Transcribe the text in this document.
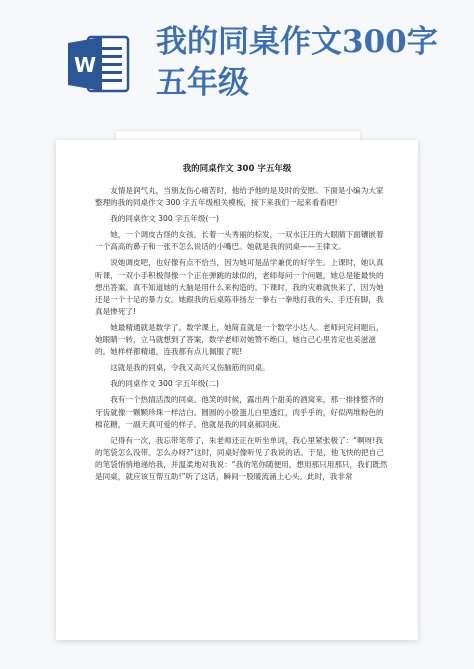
W
我的同桌作文300字五年级
我的同桌作文 300 字五年级

友情是润气丸，当朋友伤心痛苦时，他给予他的是及时的安慰。下面是小编为大家整理的我的同桌作文 300 字五年级相关模板，接下来我们一起来看看吧!

我的同桌作文 300 字五年级(一)

她，一个调皮古怪的女孩，长着一头秀丽的棕发，一双水汪汪的大眼睛下面镶嵌着一个高高的鼻子和一张不怎么说话的小嘴巴。她就是我的同桌——王律文。

说她调皮吧，也好像有点不恰当，因为她可是品学兼优的好学生。上课时，她认真听课，一双小手积极得像一个正在弹跳的球似的，老师每问一个问题，她总是能最快的想出答案。真不知道她的大脑是用什么来构造的。下课时，我的灾难就快来了，因为她还是一个十足的暴力女。她跟我的后桌陈菲扬左一拳右一拳地打我的头、手还有脚，我真是惨死了!

她最精通就是数学了。数学课上，她简直就是一个数学小达人。老师问完问题后，她眼睛一转，立马就想到了答案，数学老师对她赞不绝口，她自己心里肯定也美滋滋的。她样样都精通，连我都有点儿佩服了呢!

这就是我的同桌，令我又高兴又伤脑筋的同桌。

我的同桌作文 300 字五年级(二)

我有一个热情活泼的同桌。他笑的时候，露出两个甜美的酒窝来，那一排排整齐的牙齿就像一颗颗珍珠一样洁白。圆圆的小脸蛋儿白里透红，肉乎乎的，好似两堆粉色的棉花糖，一副天真可爱的样子。他就是我的同桌郝同庚。

记得有一次，我忘带笔带了，朱老师还正在听坐单词，我心里紧张极了：“啊呀!我的笔袋怎么没带。怎么办呀?”这时，同桌好像听见了我说的话。于是，他飞快的把自己的笔袋悄悄地递给我，并温柔地对我说：“我的笔你随便用，想用那只用那只，我们既然是同桌，就应该互帮互助!”听了这话，瞬间一股暖流涌上心头。此时，我非常
